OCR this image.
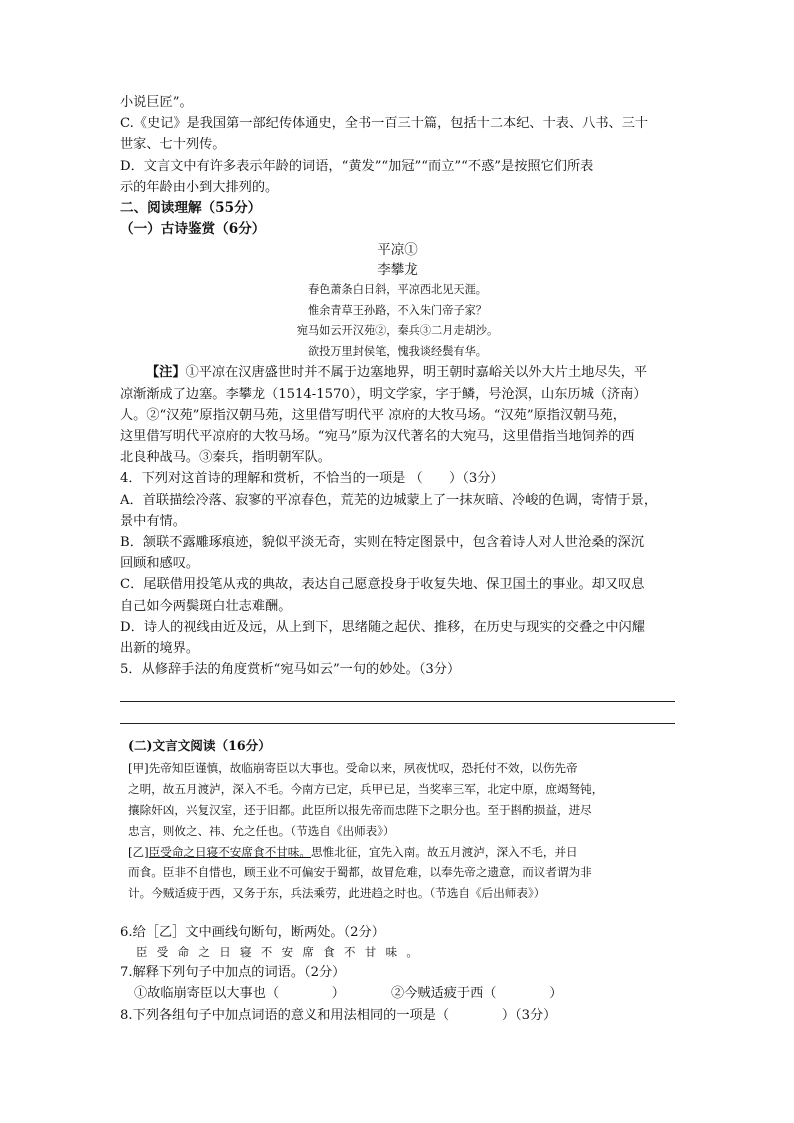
小说巨匠”。
C.《史记》是我国第一部纪传体通史，全书一百三十篇，包括十二本纪、十表、八书、三十
世家、七十列传。
D．文言文中有许多表示年龄的词语，“黄发”“加冠”“而立”“不惑”是按照它们所表
示的年龄由小到大排列的。
二、阅读理解（55分）
（一）古诗鉴赏（6分）
平凉①
李攀龙
春色萧条白日斜，平凉西北见天涯。
惟余青草王孙路，不入朱门帝子家？
宛马如云开汉苑②，秦兵③二月走胡沙。
欲投万里封侯笔，愧我谈经鬓有华。
【注】①平凉在汉唐盛世时并不属于边塞地界，明王朝时嘉峪关以外大片土地尽失，平
凉渐渐成了边塞。李攀龙（1514-1570），明文学家，字于鳞，号沧溟，山东历城（济南）
人。②“汉苑”原指汉朝马苑，这里借写明代平 凉府的大牧马场。“汉苑”原指汉朝马苑，
这里借写明代平凉府的大牧马场。“宛马”原为汉代著名的大宛马，这里借指当地饲养的西
北良种战马。③秦兵，指明朝军队。
4．下列对这首诗的理解和赏析，不恰当的一项是 （　　）（3分）
A．首联描绘冷落、寂寥的平凉春色，荒芜的边城蒙上了一抹灰暗、冷峻的色调，寄情于景，
景中有情。
B．颔联不露雕琢痕迹，貌似平淡无奇，实则在特定图景中，包含着诗人对人世沧桑的深沉
回顾和感叹。
C．尾联借用投笔从戎的典故，表达自己愿意投身于收复失地、保卫国土的事业。却又叹息
自己如今两鬓斑白壮志难酬。
D．诗人的视线由近及远，从上到下，思绪随之起伏、推移，在历史与现实的交叠之中闪耀
出新的境界。
5．从修辞手法的角度赏析“宛马如云”一句的妙处。（3分）
(二)文言文阅读（16分）
[甲]先帝知臣谨慎，故临崩寄臣以大事也。受命以来，夙夜忧叹，恐托付不效，以伤先帝
之明，故五月渡泸，深入不毛。今南方已定，兵甲已足，当奖率三军，北定中原，庶竭驽钝，
攘除奸凶，兴复汉室，还于旧都。此臣所以报先帝而忠陛下之职分也。至于斟酌损益，进尽
忠言，则攸之、祎、允之任也。（节选自《出师表》）
[乙]臣受命之日寝不安席食不甘味。思惟北征，宜先入南。故五月渡泸，深入不毛，并日
而食。臣非不自惜也，顾王业不可偏安于蜀都，故冒危难，以奉先帝之遗意，而议者谓为非
计。今贼适疲于西，又务于东，兵法乘劳，此进趋之时也。（节选自《后出师表》）
6.给［乙］文中画线句断句，断两处。（2分）
臣受命之日寝不安席食不甘味。
7.解释下列句子中加点的词语。（2分）
①故临崩寄臣以大事也（　　　　）	②今贼适疲于西（　　　　）
8.下列各组句子中加点词语的意义和用法相同的一项是（　　　　）（3分）
